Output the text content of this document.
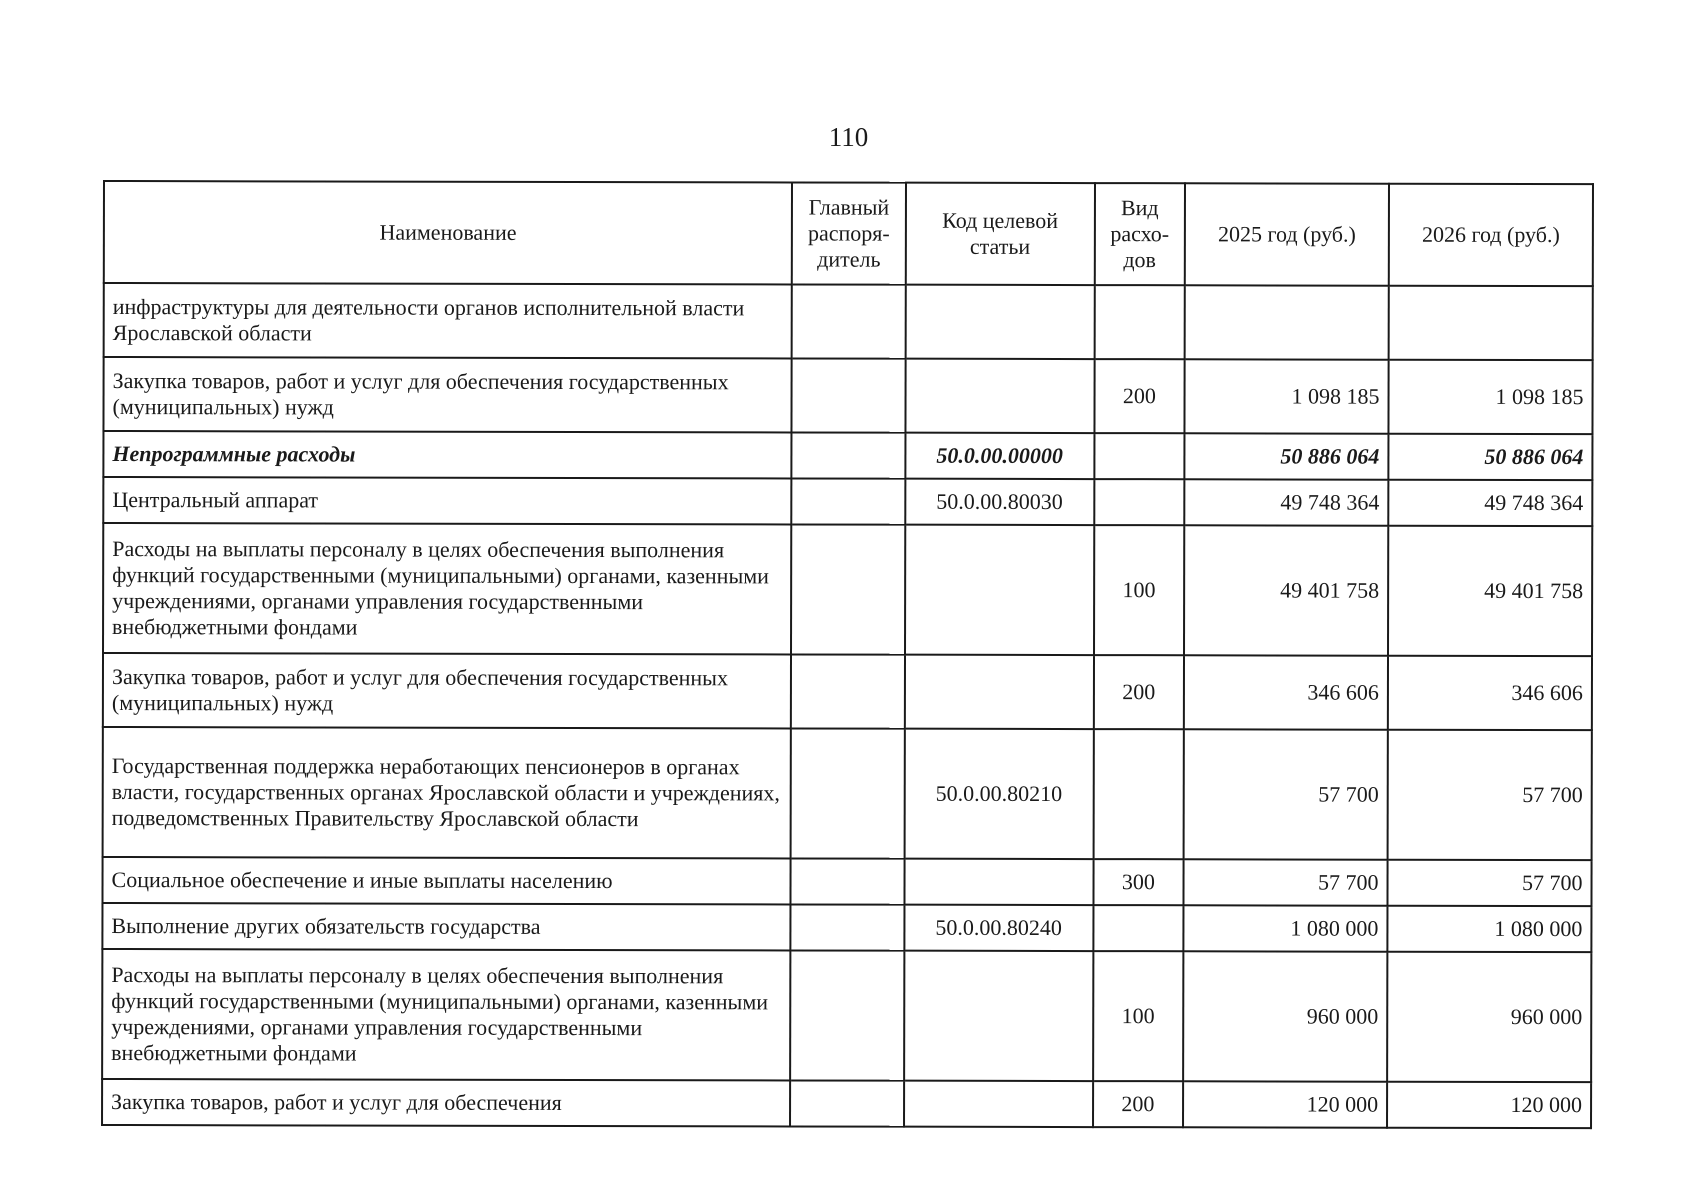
110
Наименование	Главный распоря-дитель	Код целевой статьи	Вид расхо-дов	2025 год (руб.)	2026 год (руб.)
инфраструктуры для деятельности органов исполнительной власти Ярославской области					
Закупка товаров, работ и услуг для обеспечения государственных (муниципальных) нужд			200	1 098 185	1 098 185
Непрограммные расходы		50.0.00.00000		50 886 064	50 886 064
Центральный аппарат		50.0.00.80030		49 748 364	49 748 364
Расходы на выплаты персоналу в целях обеспечения выполнения функций государственными (муниципальными) органами, казенными учреждениями, органами управления государственными внебюджетными фондами			100	49 401 758	49 401 758
Закупка товаров, работ и услуг для обеспечения государственных (муниципальных) нужд			200	346 606	346 606
Государственная поддержка неработающих пенсионеров в органах власти, государственных органах Ярославской области и учреждениях, подведомственных Правительству Ярославской области		50.0.00.80210		57 700	57 700
Социальное обеспечение и иные выплаты населению			300	57 700	57 700
Выполнение других обязательств государства		50.0.00.80240		1 080 000	1 080 000
Расходы на выплаты персоналу в целях обеспечения выполнения функций государственными (муниципальными) органами, казенными учреждениями, органами управления государственными внебюджетными фондами			100	960 000	960 000
Закупка товаров, работ и услуг для обеспечения			200	120 000	120 000
